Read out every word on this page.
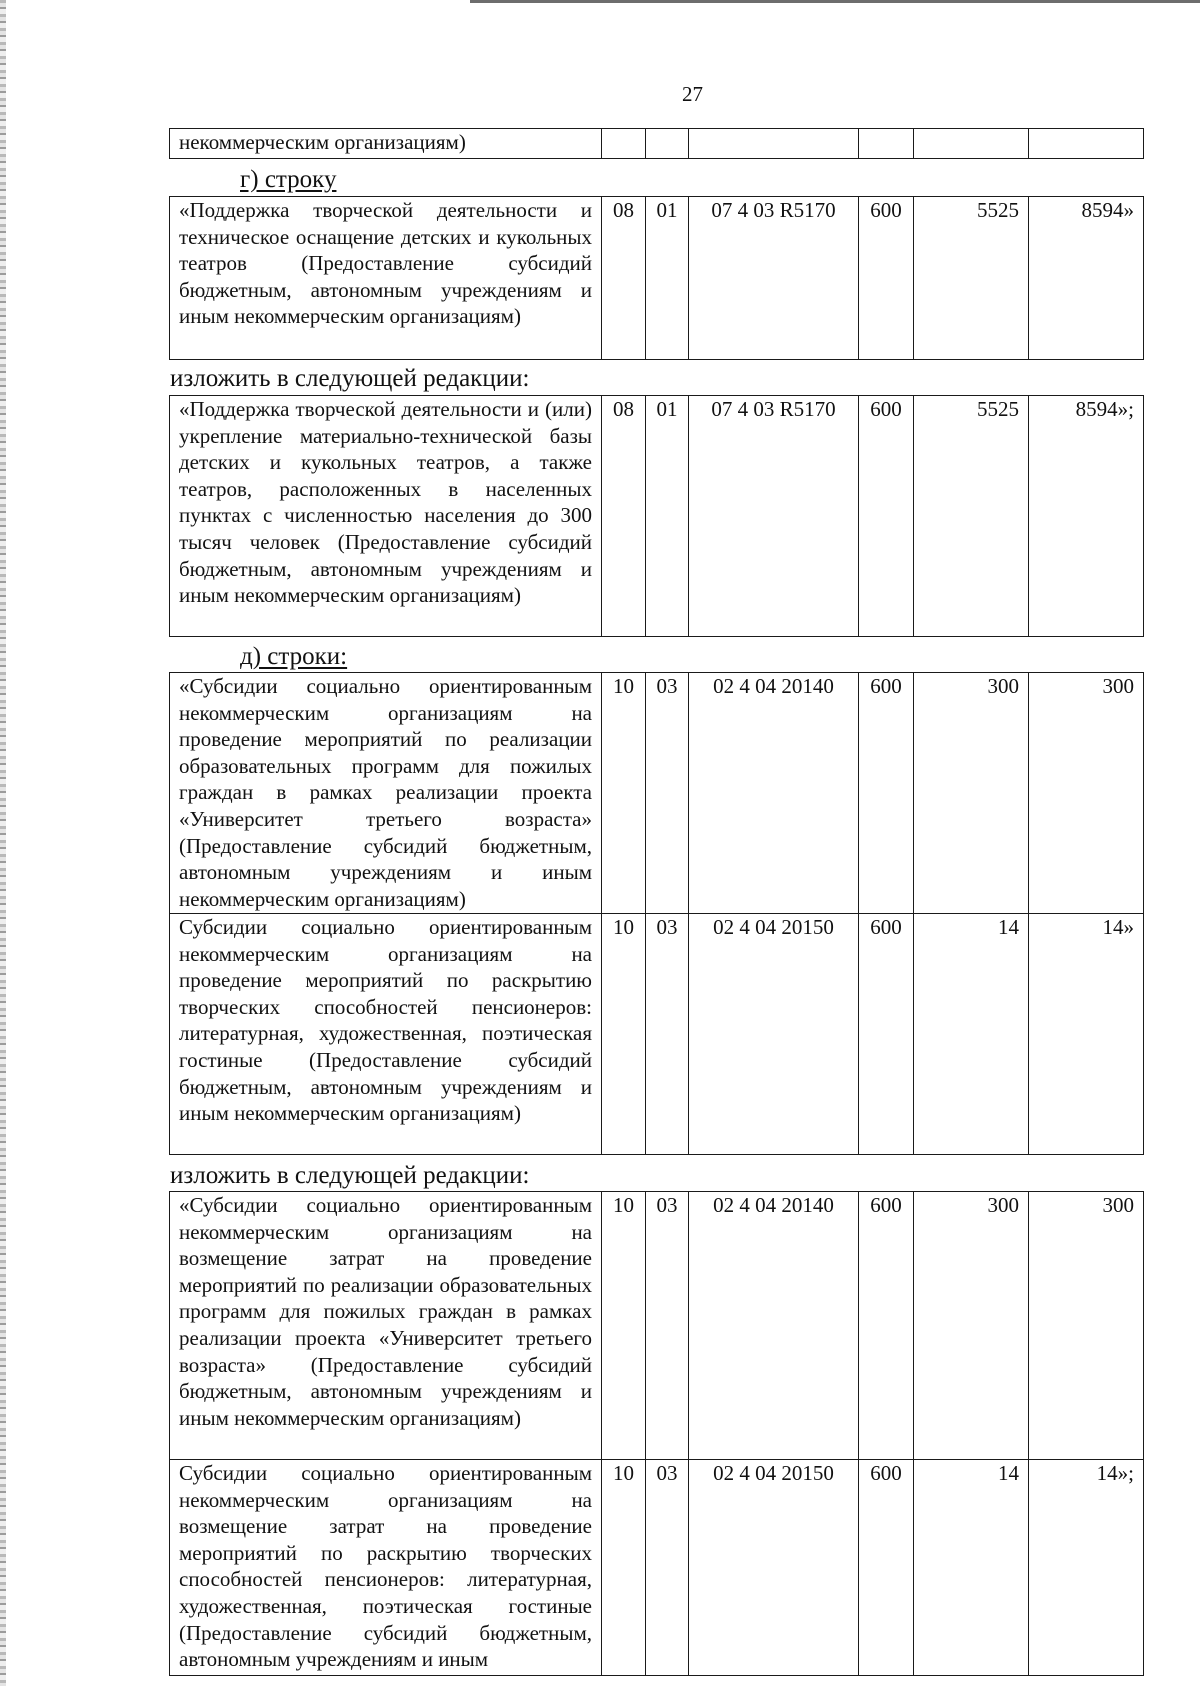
27
некоммерческим организациям)						
г) строку
«Поддержка творческой деятельности и техническое оснащение детских и кукольных театров (Предоставление субсидий бюджетным, автономным учреждениям и иным некоммерческим организациям)	08	01	07 4 03 R5170	600	5525	8594»
изложить в следующей редакции:
«Поддержка творческой деятельности и (или) укрепление материально-технической базы детских и кукольных театров, а также театров, расположенных в населенных пунктах с численностью населения до 300 тысяч человек (Предоставление субсидий бюджетным, автономным учреждениям и иным некоммерческим организациям)	08	01	07 4 03 R5170	600	5525	8594»;
д) строки:
«Субсидии социально ориентированным некоммерческим организациям на проведение мероприятий по реализации образовательных программ для пожилых граждан в рамках реализации проекта «Университет третьего возраста» (Предоставление субсидий бюджетным, автономным учреждениям и иным некоммерческим организациям)	10	03	02 4 04 20140	600	300	300
Субсидии социально ориентированным некоммерческим организациям на проведение мероприятий по раскрытию творческих способностей пенсионеров: литературная, художественная, поэтическая гостиные (Предоставление субсидий бюджетным, автономным учреждениям и иным некоммерческим организациям)	10	03	02 4 04 20150	600	14	14»
изложить в следующей редакции:
«Субсидии социально ориентированным некоммерческим организациям на возмещение затрат на проведение мероприятий по реализации образовательных программ для пожилых граждан в рамках реализации проекта «Университет третьего возраста» (Предоставление субсидий бюджетным, автономным учреждениям и иным некоммерческим организациям)	10	03	02 4 04 20140	600	300	300
Субсидии социально ориентированным некоммерческим организациям на возмещение затрат на проведение мероприятий по раскрытию творческих способностей пенсионеров: литературная, художественная, поэтическая гостиные (Предоставление субсидий бюджетным, автономным учреждениям и иным	10	03	02 4 04 20150	600	14	14»;
